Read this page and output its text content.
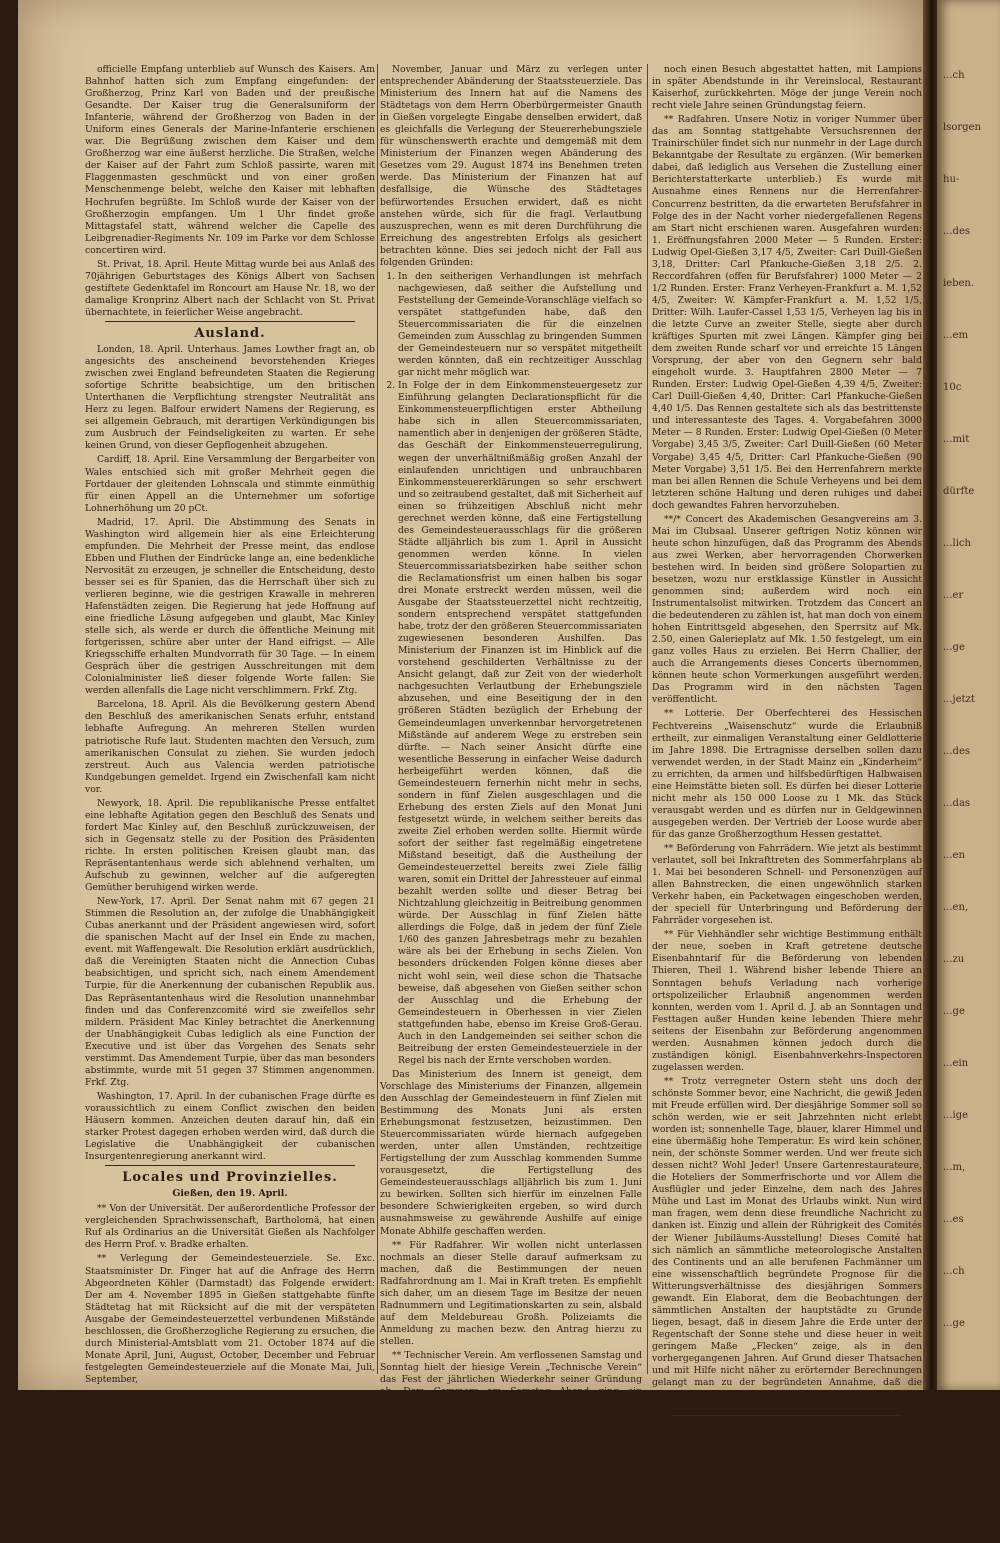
...ch
lsorgen
hu-
...des
ieben.
...em
10c
...mit
dürfte
...lich
...er
...ge
...jetzt
...des
...das
...en
...en,
...zu
...ge
...ein
...ige
...m,
...es
...ch
...ge

officielle Empfang unterblieb auf Wunsch des Kaisers. Am Bahnhof hatten sich zum Empfang eingefunden: der Großherzog, Prinz Karl von Baden und der preußische Gesandte. Der Kaiser trug die Generalsuniform der Infanterie, während der Großherzog von Baden in der Uniform eines Generals der Marine-Infanterie erschienen war. Die Begrüßung zwischen dem Kaiser und dem Großherzog war eine äußerst herzliche. Die Straßen, welche der Kaiser auf der Fahrt zum Schloß passirte, waren mit Flaggenmasten geschmückt und von einer großen Menschenmenge belebt, welche den Kaiser mit lebhaften Hochrufen begrüßte. Im Schloß wurde der Kaiser von der Großherzogin empfangen. Um 1 Uhr findet große Mittagstafel statt, während welcher die Capelle des Leibgrenadier-Regiments Nr. 109 im Parke vor dem Schlosse concertiren wird.

St. Privat, 18. April. Heute Mittag wurde bei aus Anlaß des 70jährigen Geburtstages des Königs Albert von Sachsen gestiftete Gedenktafel im Roncourt am Hause Nr. 18, wo der damalige Kronprinz Albert nach der Schlacht von St. Privat übernachtete, in feierlicher Weise angebracht.

Ausland.

London, 18. April. Unterhaus. James Lowther fragt an, ob angesichts des anscheinend bevorstehenden Krieges zwischen zwei England befreundeten Staaten die Regierung sofortige Schritte beabsichtige, um den britischen Unterthanen die Verpflichtung strengster Neutralität ans Herz zu legen. Balfour erwidert Namens der Regierung, es sei allgemein Gebrauch, mit derartigen Verkündigungen bis zum Ausbruch der Feindseligkeiten zu warten. Er sehe keinen Grund, von dieser Gepflogenheit abzugehen.

Cardiff, 18. April. Eine Versammlung der Bergarbeiter von Wales entschied sich mit großer Mehrheit gegen die Fortdauer der gleitenden Lohnscala und stimmte einmüthig für einen Appell an die Unternehmer um sofortige Lohnerhöhung um 20 pCt.

Madrid, 17. April. Die Abstimmung des Senats in Washington wird allgemein hier als eine Erleichterung empfunden. Die Mehrheit der Presse meint, das endlose Ebben und Fluthen der Eindrücke lange an, eine bedenkliche Nervosität zu erzeugen, je schneller die Entscheidung, desto besser sei es für Spanien, das die Herrschaft über sich zu verlieren beginne, wie die gestrigen Krawalle in mehreren Hafenstädten zeigen. Die Regierung hat jede Hoffnung auf eine friedliche Lösung aufgegeben und glaubt, Mac Kinley stelle sich, als werde er durch die öffentliche Meinung mit fortgerissen, schüre aber unter der Hand eifrigst. — Alle Kriegsschiffe erhalten Mundvorrath für 30 Tage. — In einem Gespräch über die gestrigen Ausschreitungen mit dem Colonialminister ließ dieser folgende Worte fallen: Sie werden allenfalls die Lage nicht verschlimmern. Frkf. Ztg.

Barcelona, 18. April. Als die Bevölkerung gestern Abend den Beschluß des amerikanischen Senats erfuhr, entstand lebhafte Aufregung. An mehreren Stellen wurden patriotische Rufe laut. Studenten machten den Versuch, zum amerikanischen Consulat zu ziehen. Sie wurden jedoch zerstreut. Auch aus Valencia werden patriotische Kundgebungen gemeldet. Irgend ein Zwischenfall kam nicht vor.

Newyork, 18. April. Die republikanische Presse entfaltet eine lebhafte Agitation gegen den Beschluß des Senats und fordert Mac Kinley auf, den Beschluß zurückzuweisen, der sich in Gegensatz stelle zu der Position des Präsidenten richte. In ersten politischen Kreisen glaubt man, das Repräsentantenhaus werde sich ablehnend verhalten, um Aufschub zu gewinnen, welcher auf die aufgeregten Gemüther beruhigend wirken werde.

New-York, 17. April. Der Senat nahm mit 67 gegen 21 Stimmen die Resolution an, der zufolge die Unabhängigkeit Cubas anerkannt und der Präsident angewiesen wird, sofort die spanischen Macht auf der Insel ein Ende zu machen, event. mit Waffengewalt. Die Resolution erklärt ausdrücklich, daß die Vereinigten Staaten nicht die Annection Cubas beabsichtigen, und spricht sich, nach einem Amendement Turpie, für die Anerkennung der cubanischen Republik aus. Das Repräsentantenhaus wird die Resolution unannehmbar finden und das Conferenzcomité wird sie zweifellos sehr mildern. Präsident Mac Kinley betrachtet die Anerkennung der Unabhängigkeit Cubas lediglich als eine Function der Executive und ist über das Vorgehen des Senats sehr verstimmt. Das Amendement Turpie, über das man besonders abstimmte, wurde mit 51 gegen 37 Stimmen angenommen. Frkf. Ztg.

Washington, 17. April. In der cubanischen Frage dürfte es voraussichtlich zu einem Conflict zwischen den beiden Häusern kommen. Anzeichen deuten darauf hin, daß ein starker Protest dagegen erhoben werden wird, daß durch die Legislative die Unabhängigkeit der cubanischen Insurgentenregierung anerkannt wird.

Locales und Provinzielles.
Gießen, den 19. April.

** Von der Universität. Der außerordentliche Professor der vergleichenden Sprachwissenschaft, Bartholomä, hat einen Ruf als Ordinarius an die Universität Gießen als Nachfolger des Herrn Prof. v. Bradke erhalten.

** Verlegung der Gemeindesteuerziele. Se. Exc. Staatsminister Dr. Finger hat auf die Anfrage des Herrn Abgeordneten Köhler (Darmstadt) das Folgende erwidert: Der am 4. November 1895 in Gießen stattgehabte fünfte Städtetag hat mit Rücksicht auf die mit der verspäteten Ausgabe der Gemeindesteuerzettel verbundenen Mißstände beschlossen, die Großherzogliche Regierung zu ersuchen, die durch Ministerial-Amtsblatt vom 21. October 1874 auf die Monate April, Juni, August, October, December und Februar festgelegten Gemeindesteuerziele auf die Monate Mai, Juli, September,

November, Januar und März zu verlegen unter entsprechender Abänderung der Staatssteuerziele. Das Ministerium des Innern hat auf die Namens des Städtetags von dem Herrn Oberbürgermeister Gnauth in Gießen vorgelegte Eingabe denselben erwidert, daß es gleichfalls die Verlegung der Steuererhebungsziele für wünschenswerth erachte und demgemäß mit dem Ministerium der Finanzen wegen Abänderung des Gesetzes vom 29. August 1874 ins Benehmen treten werde. Das Ministerium der Finanzen hat auf desfallsige, die Wünsche des Städtetages befürwortendes Ersuchen erwidert, daß es nicht anstehen würde, sich für die fragl. Verlautbung auszusprechen, wenn es mit deren Durchführung die Erreichung des angestrebten Erfolgs als gesichert betrachten könne. Dies sei jedoch nicht der Fall aus folgenden Gründen:

1. In den seitherigen Verhandlungen ist mehrfach nachgewiesen, daß seither die Aufstellung und Feststellung der Gemeinde-Voranschläge vielfach so verspätet stattgefunden habe, daß den Steuercommissariaten die für die einzelnen Gemeinden zum Ausschlag zu bringenden Summen der Gemeindesteuern nur so verspätet mitgetheilt werden könnten, daß ein rechtzeitiger Ausschlag gar nicht mehr möglich war.
2. In Folge der in dem Einkommensteuergesetz zur Einführung gelangten Declarationspflicht für die Einkommensteuerpflichtigen erster Abtheilung habe sich in allen Steuercommissariaten, namentlich aber in denjenigen der größeren Städte, das Geschäft der Einkommensteuerregulirung, wegen der unverhältnißmäßig großen Anzahl der einlaufenden unrichtigen und unbrauchbaren Einkommensteuererklärungen so sehr erschwert und so zeitraubend gestaltet, daß mit Sicherheit auf einen so frühzeitigen Abschluß nicht mehr gerechnet werden könne, daß eine Fertigstellung des Gemeindesteuerausschlags für die größeren Städte alljährlich bis zum 1. April in Aussicht genommen werden könne. In vielen Steuercommissariatsbezirken habe seither schon die Reclamationsfrist um einen halben bis sogar drei Monate erstreckt werden müssen, weil die Ausgabe der Staatssteuerzettel nicht rechtzeitig, sondern entsprechend verspätet stattgefunden habe, trotz der den größeren Steuercommissariaten zugewiesenen besonderen Aushilfen. Das Ministerium der Finanzen ist im Hinblick auf die vorstehend geschilderten Verhältnisse zu der Ansicht gelangt, daß zur Zeit von der wiederholt nachgesuchten Verlautbung der Erhebungsziele abzusehen, und eine Beseitigung der in den größeren Städten bezüglich der Erhebung der Gemeindeumlagen unverkennbar hervorgetretenen Mißstände auf anderem Wege zu erstreben sein dürfte. — Nach seiner Ansicht dürfte eine wesentliche Besserung in einfacher Weise dadurch herbeigeführt werden können, daß die Gemeindesteuern fernerhin nicht mehr in sechs, sondern in fünf Zielen ausgeschlagen und die Erhebung des ersten Ziels auf den Monat Juni festgesetzt würde, in welchem seither bereits das zweite Ziel erhoben werden sollte. Hiermit würde sofort der seither fast regelmäßig eingetretene Mißstand beseitigt, daß die Austheilung der Gemeindesteuerzettel bereits zwei Ziele fällig waren, somit ein Drittel der Jahressteuer auf einmal bezahlt werden sollte und dieser Betrag bei Nichtzahlung gleichzeitig in Beitreibung genommen würde. Der Ausschlag in fünf Zielen hätte allerdings die Folge, daß in jedem der fünf Ziele 1/60 des ganzen Jahresbetrags mehr zu bezahlen wäre als bei der Erhebung in sechs Zielen. Von besonders drückenden Folgen könne dieses aber nicht wohl sein, weil diese schon die Thatsache beweise, daß abgesehen von Gießen seither schon der Ausschlag und die Erhebung der Gemeindesteuern in Oberhessen in vier Zielen stattgefunden habe, ebenso im Kreise Groß-Gerau. Auch in den Landgemeinden sei seither schon die Beitreibung der ersten Gemeindesteuerziele in der Regel bis nach der Ernte verschoben worden.

Das Ministerium des Innern ist geneigt, dem Vorschlage des Ministeriums der Finanzen, allgemein den Ausschlag der Gemeindesteuern in fünf Zielen mit Bestimmung des Monats Juni als ersten Erhebungsmonat festzusetzen, beizustimmen. Den Steuercommissariaten würde hiernach aufgegeben werden, unter allen Umständen, rechtzeitige Fertigstellung der zum Ausschlag kommenden Summe vorausgesetzt, die Fertigstellung des Gemeindesteuerausschlags alljährlich bis zum 1. Juni zu bewirken. Sollten sich hierfür im einzelnen Falle besondere Schwierigkeiten ergeben, so wird durch ausnahmsweise zu gewährende Aushilfe auf einige Monate Abhilfe geschaffen werden.

** Für Radfahrer. Wir wollen nicht unterlassen nochmals an dieser Stelle darauf aufmerksam zu machen, daß die Bestimmungen der neuen Radfahrordnung am 1. Mai in Kraft treten. Es empfiehlt sich daher, um an diesem Tage im Besitze der neuen Radnummern und Legitimationskarten zu sein, alsbald auf dem Meldebureau Großh. Polizeiamts die Anmeldung zu machen bezw. den Antrag hierzu zu stellen.

** Technischer Verein. Am verflossenen Samstag und Sonntag hielt der hiesige Verein „Technische Verein“ das Fest der jährlichen Wiederkehr seiner Gründung ab. Dem Commers am Samstag Abend ging ein Festessen im Hotel Einhorn voraus. Am Sonntag Vormittag fuhr man ein ansehnliches Häuflein hiesiger und auswärtiger Techniker durch die Stadt ziehen, um die Sehenswürdigkeiten Gießens zu beaugenscheinigen. Den Schluß der Besichtigungen bildeten die Heyligenstaedt'sche Maschinenfabrik und die oberhessische Eisenbahnwerkstätte. Am Nachmittag unternahmen der Verein mit seinen Damen und Gästen trotz der zweifelhaften Witterung eine Wagenfahrt nach der Burg Gleiberg, von wo die Theilnehmer, nachdem sie auf dem Rückweg dem Windhof

noch einen Besuch abgestattet hatten, mit Lampions in später Abendstunde in ihr Vereinslocal, Restaurant Kaiserhof, zurückkehrten. Möge der junge Verein noch recht viele Jahre seinen Gründungstag feiern.

** Radfahren. Unsere Notiz in voriger Nummer über das am Sonntag stattgehabte Versuchsrennen der Trainirschüler findet sich nur nunmehr in der Lage durch Bekanntgabe der Resultate zu ergänzen. (Wir bemerken dabei, daß lediglich aus Versehen die Zustellung einer Berichterstatterkarte unterblieb.) Es wurde mit Ausnahme eines Rennens nur die Herrenfahrer-Concurrenz bestritten, da die erwarteten Berufsfahrer in Folge des in der Nacht vorher niedergefallenen Regens am Start nicht erschienen waren. Ausgefahren wurden: 1. Eröffnungsfahren 2000 Meter — 5 Runden. Erster: Ludwig Opel-Gießen 3,17 4/5, Zweiter: Carl Duill-Gießen 3,18, Dritter: Carl Pfankuche-Gießen 3,18 2/5. 2. Reccordfahren (offen für Berufsfahrer) 1000 Meter — 2 1/2 Runden. Erster: Franz Verheyen-Frankfurt a. M. 1,52 4/5, Zweiter: W. Kämpfer-Frankfurt a. M. 1,52 1/5, Dritter: Wilh. Laufer-Cassel 1,53 1/5, Verheyen lag bis in die letzte Curve an zweiter Stelle, siegte aber durch kräftiges Spurten mit zwei Längen. Kämpfer ging bei dem zweiten Runde scharf vor und erreichte 15 Längen Vorsprung, der aber von den Gegnern sehr bald eingeholt wurde. 3. Hauptfahren 2800 Meter — 7 Runden. Erster: Ludwig Opel-Gießen 4,39 4/5, Zweiter: Carl Duill-Gießen 4,40, Dritter: Carl Pfankuche-Gießen 4,40 1/5. Das Rennen gestaltete sich als das bestrittenste und interessanteste des Tages. 4. Vorgabefahren 3000 Meter — 8 Runden. Erster: Ludwig Opel-Gießen (0 Meter Vorgabe) 3,45 3/5, Zweiter: Carl Duill-Gießen (60 Meter Vorgabe) 3,45 4/5, Dritter: Carl Pfankuche-Gießen (90 Meter Vorgabe) 3,51 1/5. Bei den Herrenfahrern merkte man bei allen Rennen die Schule Verheyens und bei dem letzteren schöne Haltung und deren ruhiges und dabei doch gewandtes Fahren hervorzuheben.

**/* Concert des Akademischen Gesangvereins am 3. Mai im Clubsaal. Unserer geftrigen Notiz können wir heute schon hinzufügen, daß das Programm des Abends aus zwei Werken, aber hervorragenden Chorwerken bestehen wird. In beiden sind größere Solopartien zu besetzen, wozu nur erstklassige Künstler in Aussicht genommen sind; außerdem wird noch ein Instrumentalsolist mitwirken. Trotzdem das Concert an die bedeutenderen zu zählen ist, hat man doch von einem hohen Eintrittsgeld abgesehen, den Sperrsitz auf Mk. 2.50, einen Galerieplatz auf Mk. 1.50 festgelegt, um ein ganz volles Haus zu erzielen. Bei Herrn Challier, der auch die Arrangements dieses Concerts übernommen, können heute schon Vormerkungen ausgeführt werden. Das Programm wird in den nächsten Tagen veröffentlicht.

** Lotterie. Der Oberfechterei des Hessischen Fechtvereins „Waisenschutz“ wurde die Erlaubniß ertheilt, zur einmaligen Veranstaltung einer Geldlotterie im Jahre 1898. Die Ertragnisse derselben sollen dazu verwendet werden, in der Stadt Mainz ein „Kinderheim“ zu errichten, da armen und hilfsbedürftigen Halbwaisen eine Heimstätte bieten soll. Es dürfen bei dieser Lotterie nicht mehr als 150 000 Loose zu 1 Mk. das Stück verausgabt werden und es dürfen nur in Geldgewinnen ausgegeben werden. Der Vertrieb der Loose wurde aber für das ganze Großherzogthum Hessen gestattet.

** Beförderung von Fahrrädern. Wie jetzt als bestimmt verlautet, soll bei Inkrafttreten des Sommerfahrplans ab 1. Mai bei besonderen Schnell- und Personenzügen auf allen Bahnstrecken, die einen ungewöhnlich starken Verkehr haben, ein Packetwagen eingeschoben werden, der speciell für Unterbringung und Beförderung der Fahrräder vorgesehen ist.

** Für Viehhändler sehr wichtige Bestimmung enthält der neue, soeben in Kraft getretene deutsche Eisenbahntarif für die Beförderung von lebenden Thieren, Theil 1. Während bisher lebende Thiere an Sonntagen behufs Verladung nach vorherige ortspolizeilicher Erlaubniß angenommen werden konnten, werden vom 1. April d. J. ab an Sonntagen und Festtagen außer Hunden keine lebenden Thiere mehr seitens der Eisenbahn zur Beförderung angenommen werden. Ausnahmen können jedoch durch die zuständigen königl. Eisenbahnverkehrs-Inspectoren zugelassen werden.

** Trotz verregneter Ostern steht uns doch der schönste Sommer bevor, eine Nachricht, die gewiß Jeden mit Freude erfüllen wird. Der diesjährige Sommer soll so schön werden, wie er seit Jahrzehnten nicht erlebt worden ist; sonnenhelle Tage, blauer, klarer Himmel und eine übermäßig hohe Temperatur. Es wird kein schöner, nein, der schönste Sommer werden. Und wer freute sich dessen nicht? Wohl Jeder! Unsere Gartenrestaurateure, die Hoteliers der Sommerfrischorte und vor Allem die Ausflügler und jeder Einzelne, dem nach des Jahres Mühe und Last im Monat des Urlaubs winkt. Nun wird man fragen, wem denn diese freundliche Nachricht zu danken ist. Einzig und allein der Rührigkeit des Comités der Wiener Jubiläums-Ausstellung! Dieses Comité hat sich nämlich an sämmtliche meteorologische Anstalten des Continents und an alle berufenen Fachmänner um eine wissenschaftlich begründete Prognose für die Witterungsverhältnisse des diesjährigen Sommers gewandt. Ein Elaborat, dem die Beobachtungen der sämmtlichen Anstalten der hauptstädte zu Grunde liegen, besagt, daß in diesem Jahre die Erde unter der Regentschaft der Sonne stehe und diese heuer in weit geringem Maße „Flecken“ zeige, als in den vorhergegangenen Jahren. Auf Grund dieser Thatsachen und mit Hilfe nicht näher zu erörternder Berechnungen gelangt man zu der begründeten Annahme, daß die Monate Juni, Juli, August und September ein dauernd schönes Wetter aufweisen werden.

** Wahlnachrichten. Secretär Wenck, der Candidat der National-Socialen im Wahlkreise Friedberg, wird bis zu
